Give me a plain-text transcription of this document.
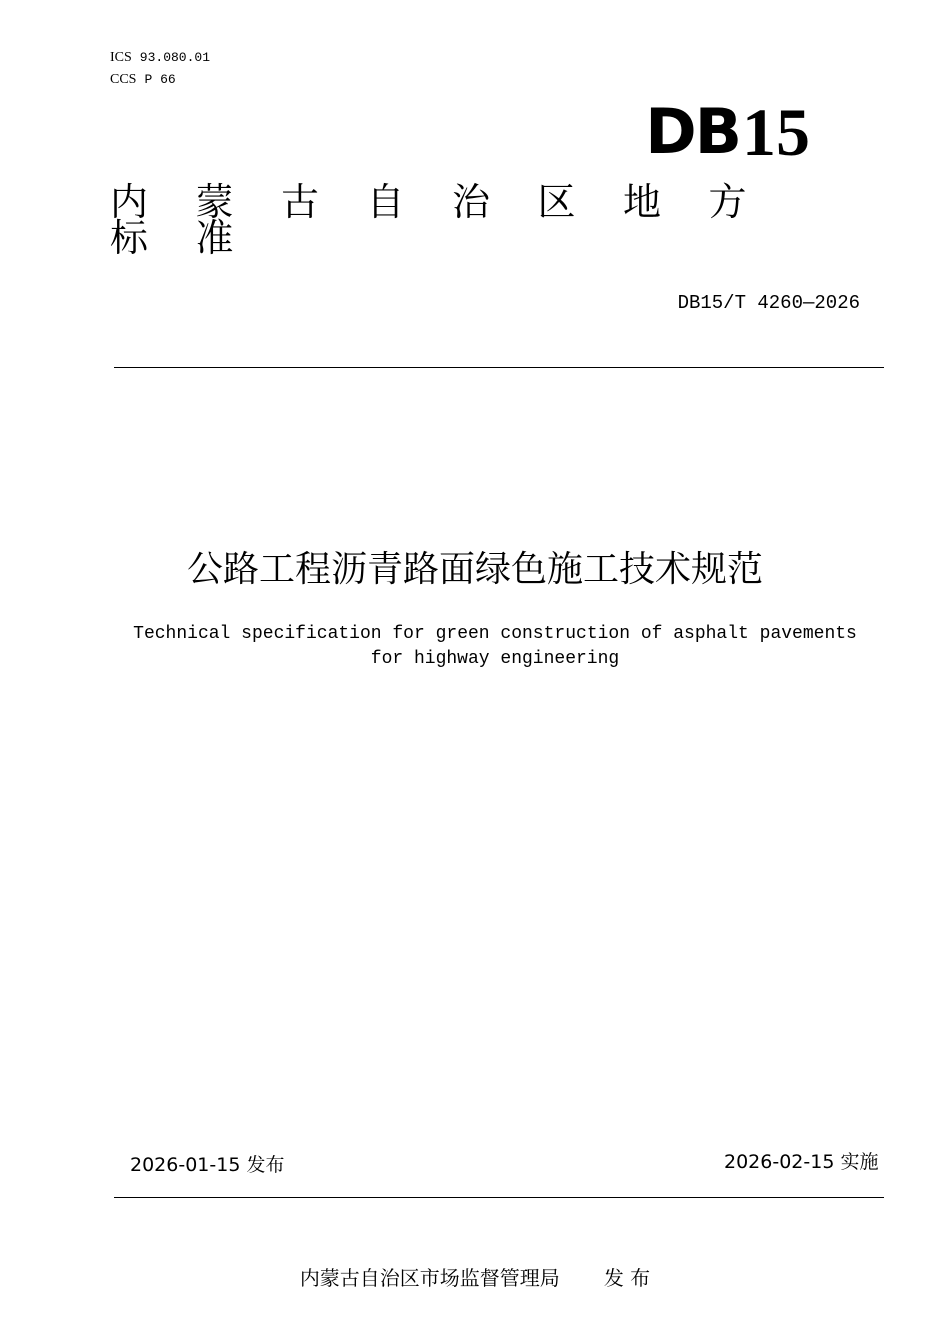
ICS 93.080.01
CCS P 66
DB 15
内	蒙	古	自	治	区	地	方
标	准
DB15/T 4260—2026
公路工程沥青路面绿色施工技术规范
Technical specification for green construction of asphalt pavements
for highway engineering
2026-01-15 发布	2026-02-15 实施
内蒙古自治区市场监督管理局 发 布
